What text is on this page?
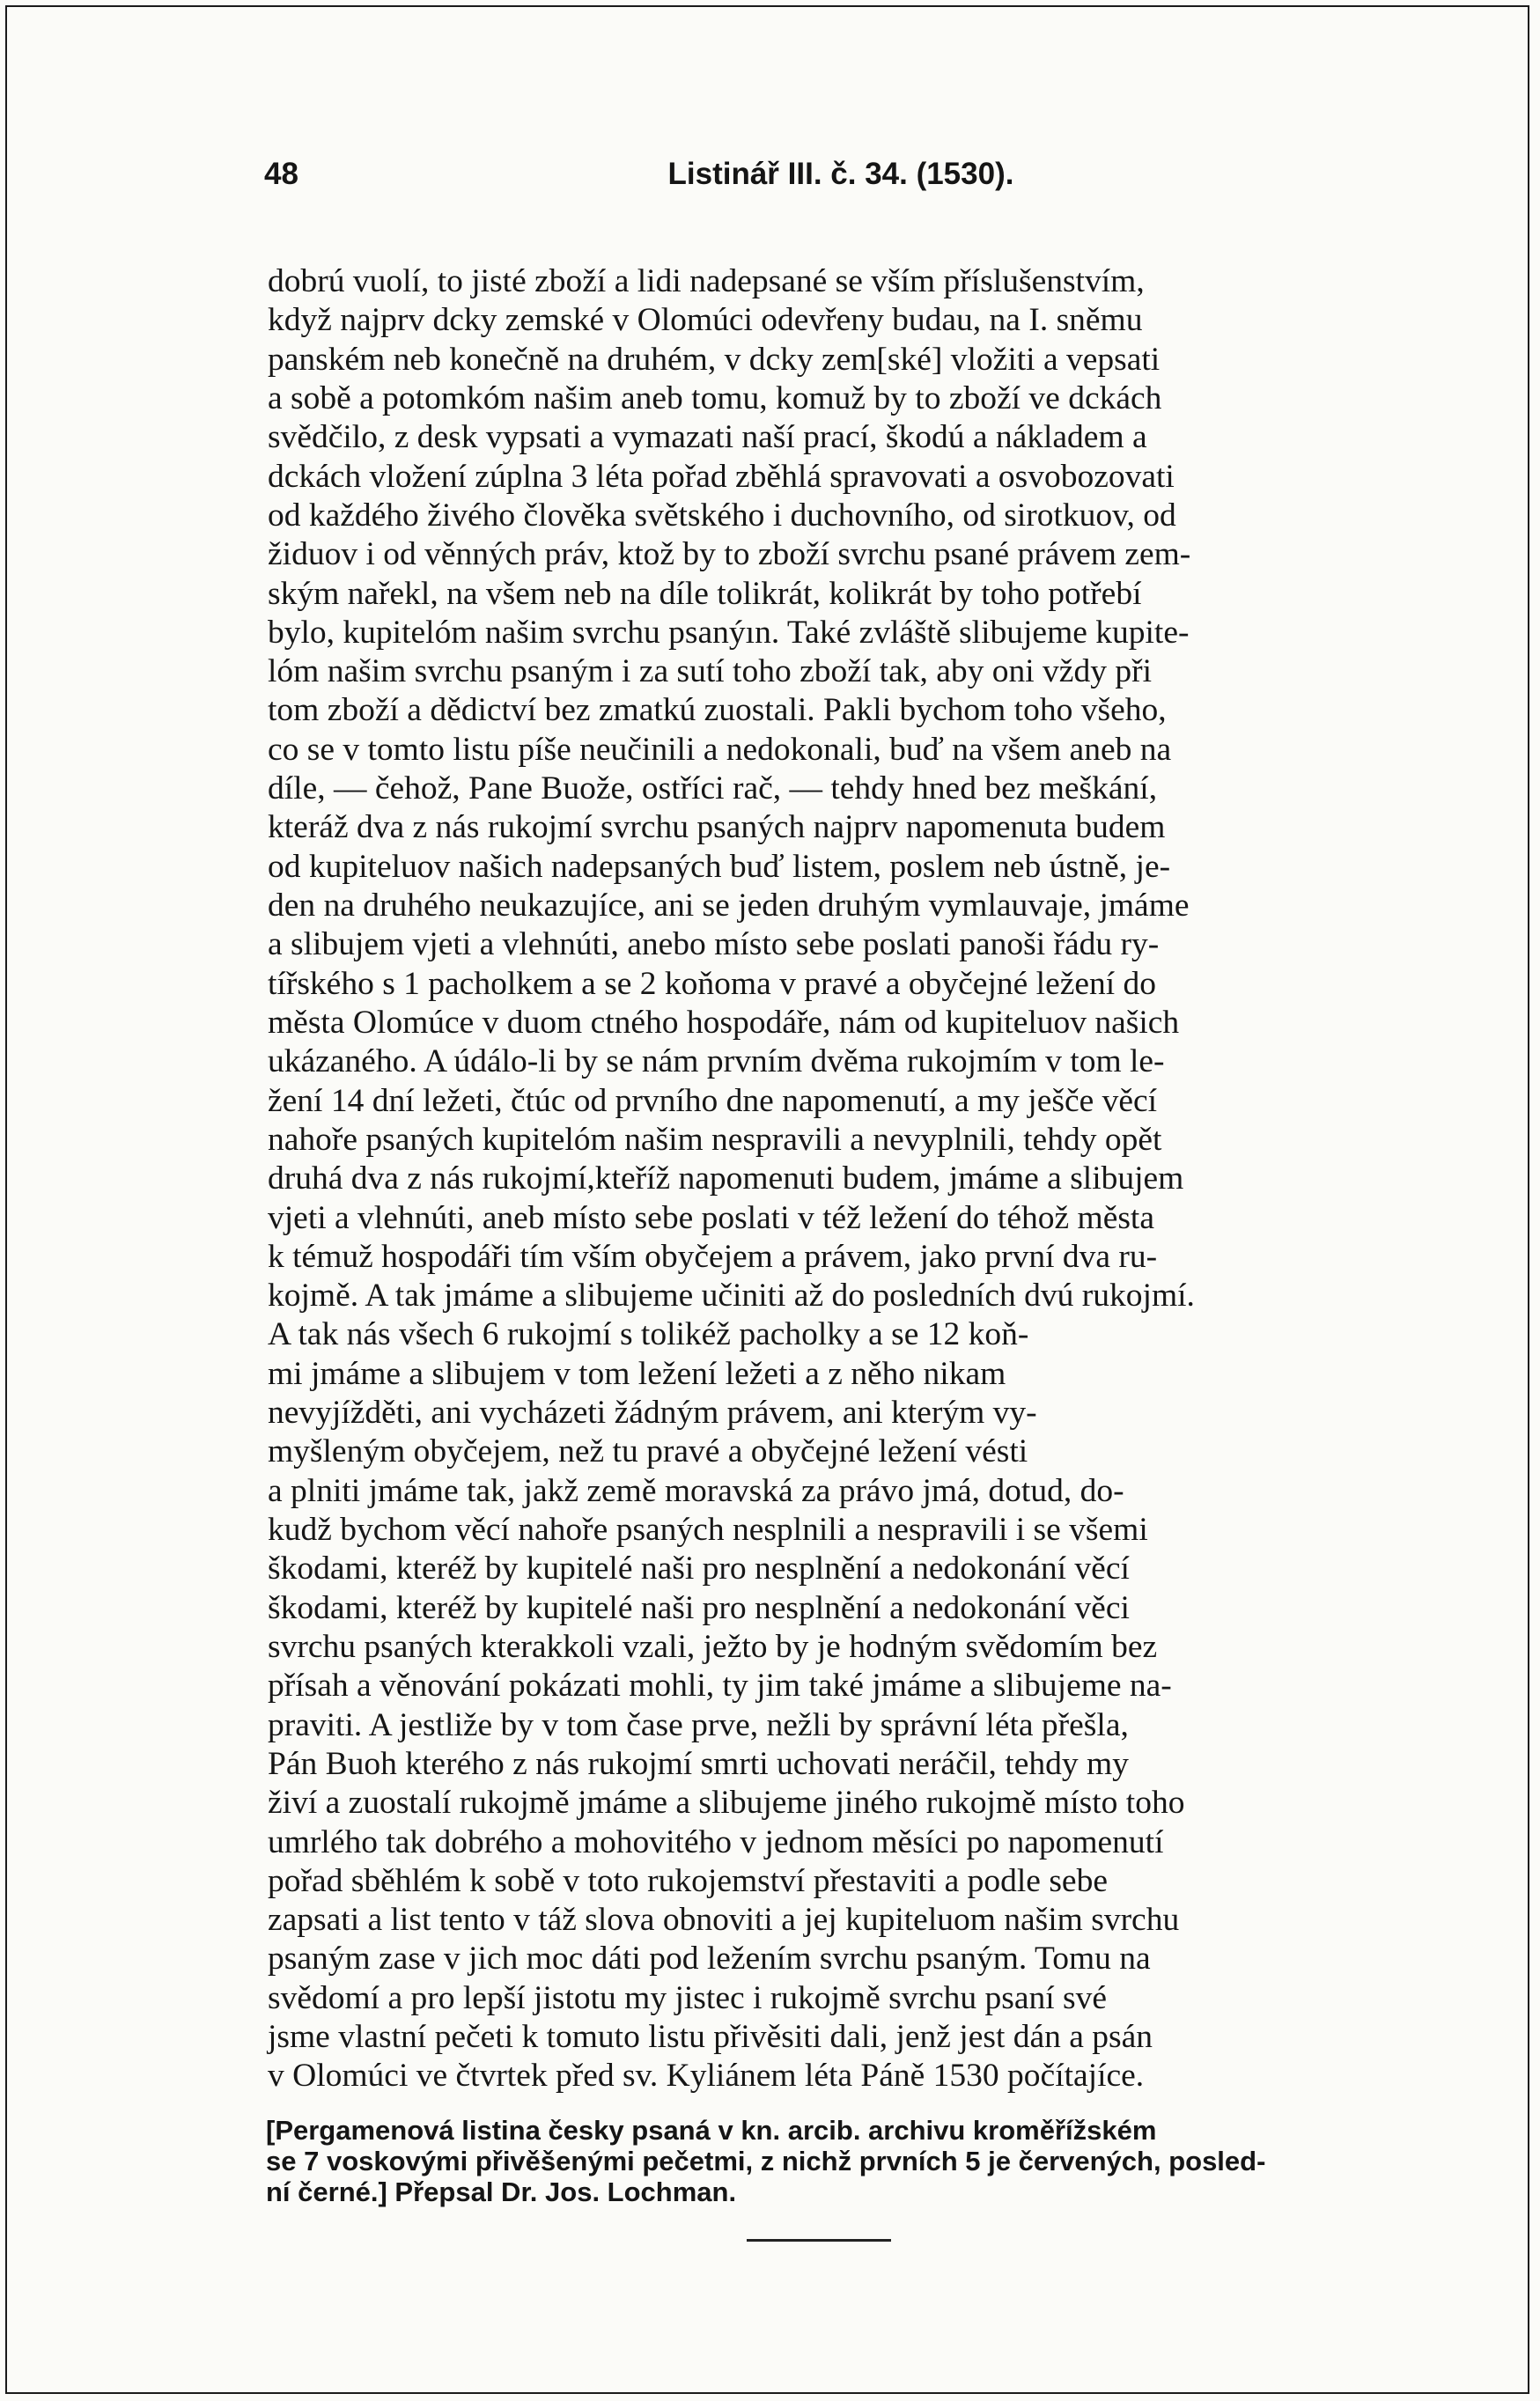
48	Listinář III. č. 34. (1530).
dobrú vuolí, to jisté zboží a lidi nadepsané se vším příslušenstvím,
když najprv dcky zemské v Olomúci odevřeny budau, na I. sněmu
panském neb konečně na druhém, v dcky zem[ské] vložiti a vepsati
a sobě a potomkóm našim aneb tomu, komuž by to zboží ve dckách
svědčilo, z desk vypsati a vymazati naší prací, škodú a nákladem a
dckách vložení zúplna 3 léta pořad zběhlá spravovati a osvobozovati
od každého živého člověka světského i duchovního, od sirotkuov, od
židuov i od věnných práv, ktož by to zboží svrchu psané právem zem-
ským nařekl, na všem neb na díle tolikrát, kolikrát by toho potřebí
bylo, kupitelóm našim svrchu psanýın. Také zvláště slibujeme kupite-
lóm našim svrchu psaným i za sutí toho zboží tak, aby oni vždy při
tom zboží a dědictví bez zmatkú zuostali. Pakli bychom toho všeho,
co se v tomto listu píše neučinili a nedokonali, buď na všem aneb na
díle, — čehož, Pane Buože, ostříci rač, — tehdy hned bez meškání,
kteráž dva z nás rukojmí svrchu psaných najprv napomenuta budem
od kupiteluov našich nadepsaných buď listem, poslem neb ústně, je-
den na druhého neukazujíce, ani se jeden druhým vymlauvaje, jmáme
a slibujem vjeti a vlehnúti, anebo místo sebe poslati panoši řádu ry-
tířského s 1 pacholkem a se 2 koňoma v pravé a obyčejné ležení do
města Olomúce v duom ctného hospodáře, nám od kupiteluov našich
ukázaného. A údálo-li by se nám prvním dvěma rukojmím v tom le-
žení 14 dní ležeti, čtúc od prvního dne napomenutí, a my ješče věcí
nahoře psaných kupitelóm našim nespravili a nevyplnili, tehdy opět
druhá dva z nás rukojmí,kteříž napomenuti budem, jmáme a slibujem
vjeti a vlehnúti, aneb místo sebe poslati v též ležení do téhož města
k témuž hospodáři tím vším obyčejem a právem, jako první dva ru-
kojmě. A tak jmáme a slibujeme učiniti až do posledních dvú rukojmí.
A tak nás všech 6 rukojmí s tolikéž pacholky a se 12 koň-
mi jmáme a slibujem v tom ležení ležeti a z něho nikam
nevyjížděti, ani vycházeti žádným právem, ani kterým vy-
myšleným obyčejem, než tu pravé a obyčejné ležení vésti
a plniti jmáme tak, jakž země moravská za právo jmá, dotud, do-
kudž bychom věcí nahoře psaných nesplnili a nespravili i se všemi
škodami, kteréž by kupitelé naši pro nesplnění a nedokonání věcí
škodami, kteréž by kupitelé naši pro nesplnění a nedokonání věci
svrchu psaných kterakkoli vzali, ježto by je hodným svědomím bez
přísah a věnování pokázati mohli, ty jim také jmáme a slibujeme na-
praviti. A jestliže by v tom čase prve, nežli by správní léta přešla,
Pán Buoh kterého z nás rukojmí smrti uchovati neráčil, tehdy my
živí a zuostalí rukojmě jmáme a slibujeme jiného rukojmě místo toho
umrlého tak dobrého a mohovitého v jednom měsíci po napomenutí
pořad sběhlém k sobě v toto rukojemství přestaviti a podle sebe
zapsati a list tento v táž slova obnoviti a jej kupiteluom našim svrchu
psaným zase v jich moc dáti pod ležením svrchu psaným. Tomu na
svědomí a pro lepší jistotu my jistec i rukojmě svrchu psaní své
jsme vlastní pečeti k tomuto listu přivěsiti dali, jenž jest dán a psán
v Olomúci ve čtvrtek před sv. Kyliánem léta Páně 1530 počítajíce.
[Pergamenová listina česky psaná v kn. arcib. archivu kroměřížském
se 7 voskovými přivěšenými pečetmi, z nichž prvních 5 je červených, posled-
ní černé.] Přepsal Dr. Jos. Lochman.
